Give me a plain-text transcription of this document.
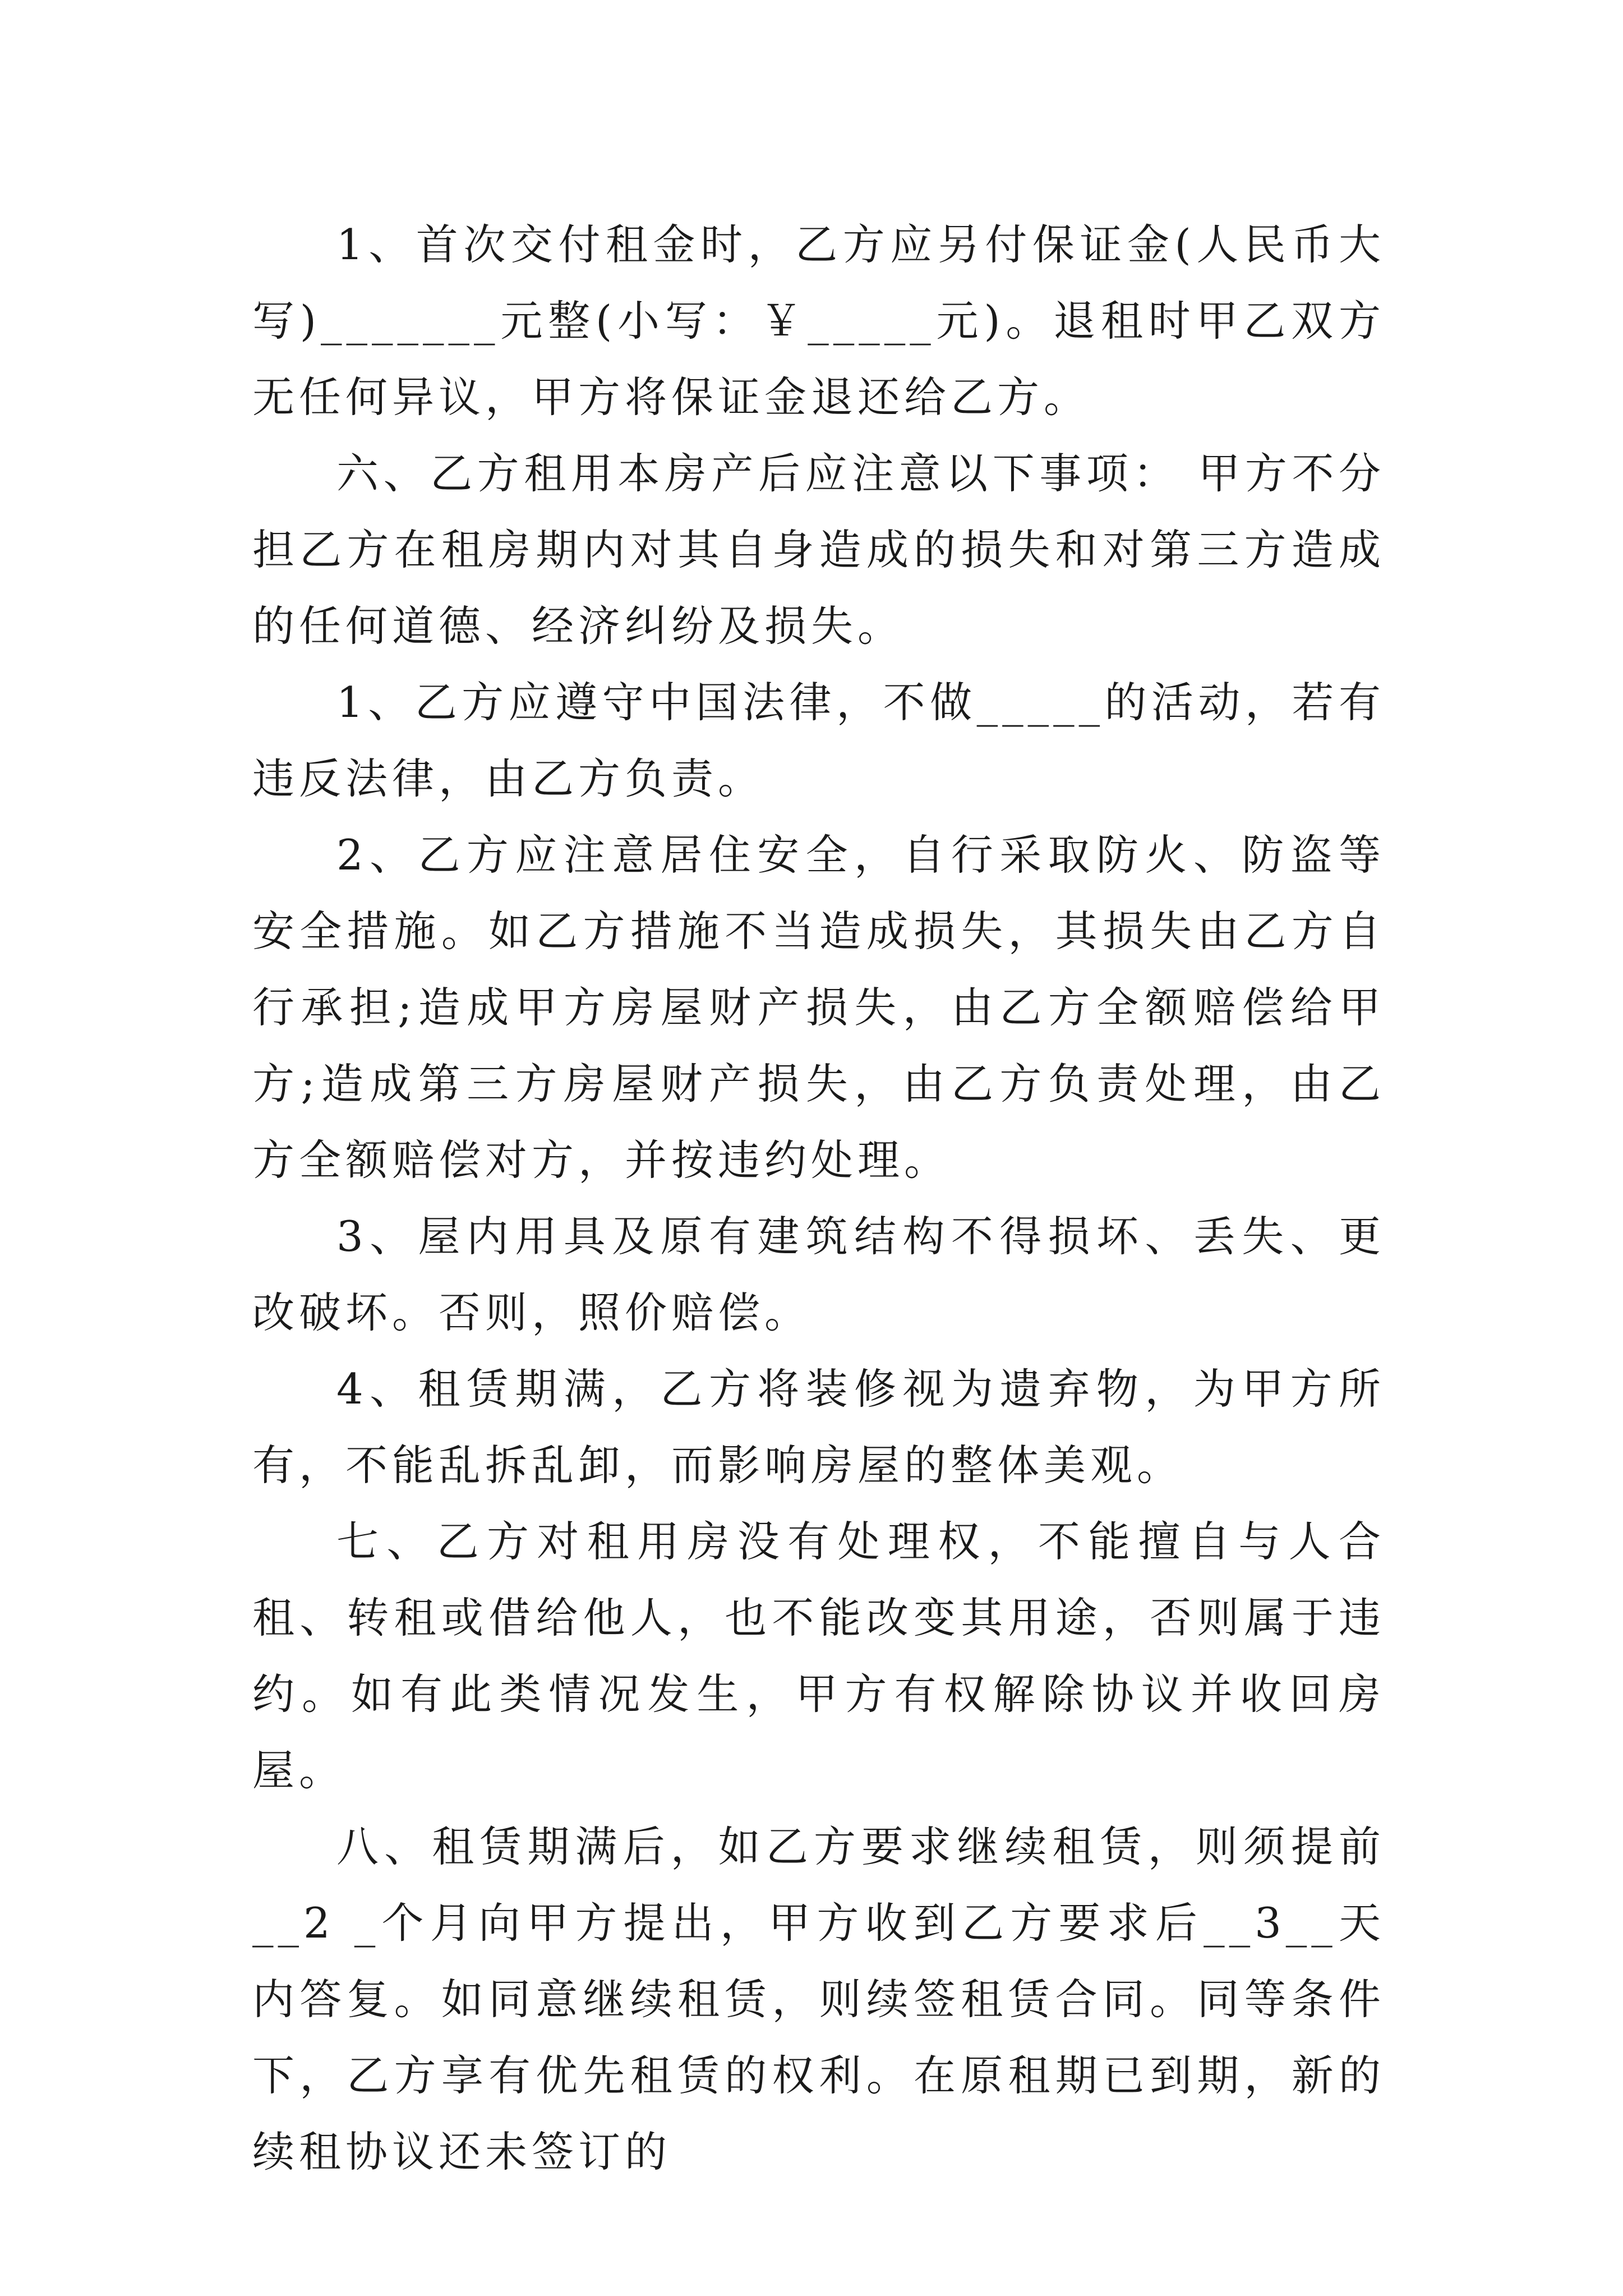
1、首次交付租金时，乙方应另付保证金(人民币大写)_______元整(小写：￥_____元)。退租时甲乙双方无任何异议，甲方将保证金退还给乙方。

六、乙方租用本房产后应注意以下事项： 甲方不分担乙方在租房期内对其自身造成的损失和对第三方造成的任何道德、经济纠纷及损失。

1、乙方应遵守中国法律，不做_____的活动，若有违反法律，由乙方负责。

2、乙方应注意居住安全，自行采取防火、防盗等安全措施。如乙方措施不当造成损失，其损失由乙方自行承担;造成甲方房屋财产损失，由乙方全额赔偿给甲方;造成第三方房屋财产损失，由乙方负责处理，由乙方全额赔偿对方，并按违约处理。

3、屋内用具及原有建筑结构不得损坏、丢失、更改破坏。否则，照价赔偿。

4、租赁期满，乙方将装修视为遗弃物，为甲方所有，不能乱拆乱卸，而影响房屋的整体美观。

七、乙方对租用房没有处理权，不能擅自与人合租、转租或借给他人，也不能改变其用途，否则属于违约。如有此类情况发生，甲方有权解除协议并收回房屋。

八、租赁期满后，如乙方要求继续租赁，则须提前__2 _个月向甲方提出，甲方收到乙方要求后__3__天内答复。如同意继续租赁，则续签租赁合同。同等条件下，乙方享有优先租赁的权利。在原租期已到期，新的续租协议还未签订的
